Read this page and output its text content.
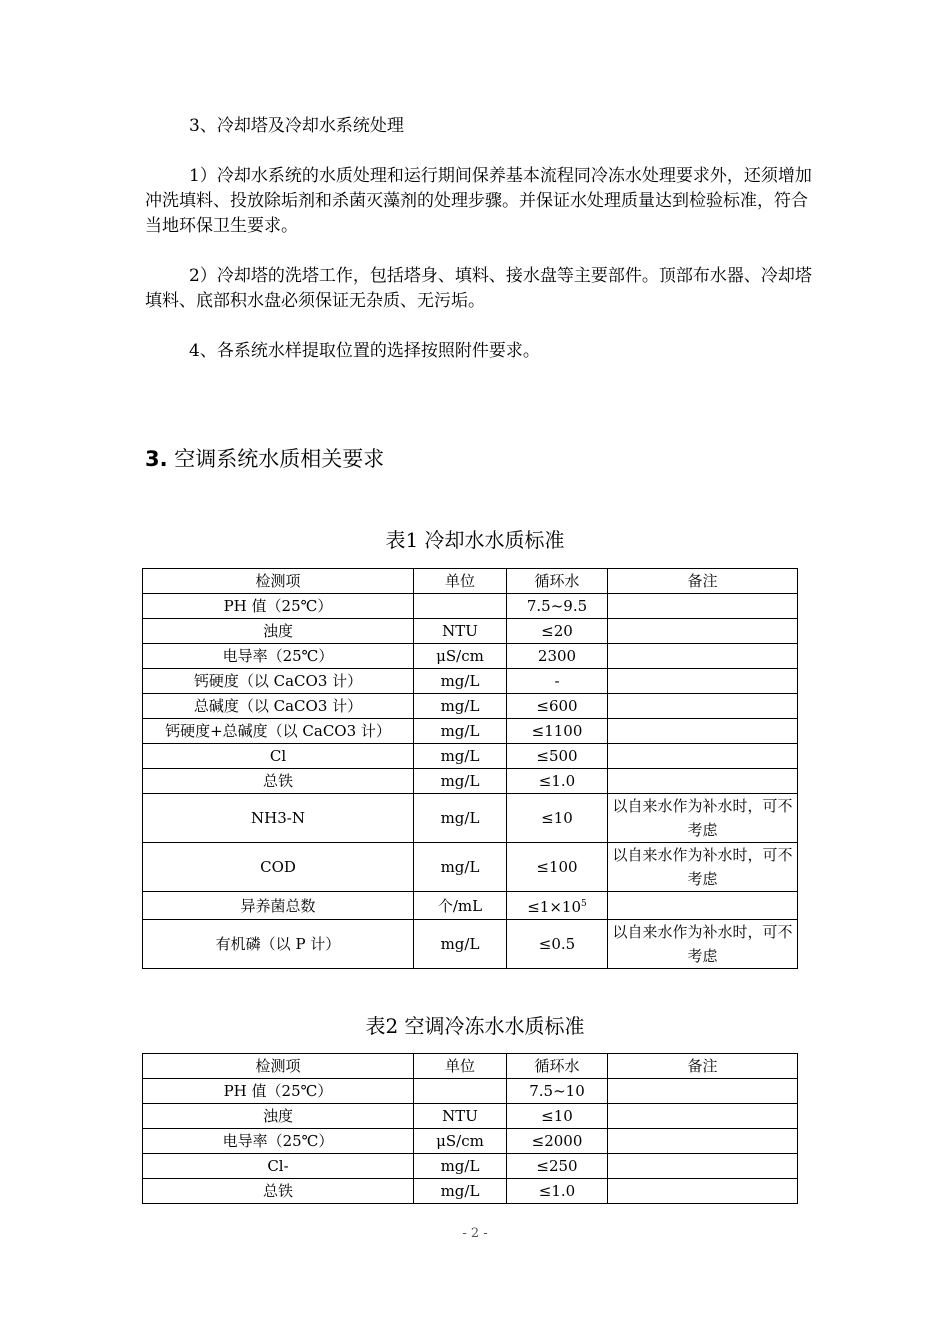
3、冷却塔及冷却水系统处理

1）冷却水系统的水质处理和运行期间保养基本流程同冷冻水处理要求外，还须增加冲洗填料、投放除垢剂和杀菌灭藻剂的处理步骤。并保证水处理质量达到检验标准，符合当地环保卫生要求。

2）冷却塔的洗塔工作，包括塔身、填料、接水盘等主要部件。顶部布水器、冷却塔填料、底部积水盘必须保证无杂质、无污垢。

4、各系统水样提取位置的选择按照附件要求。

3. 空调系统水质相关要求
表1 冷却水水质标准
检测项	单位	循环水	备注
PH 值（25℃）		7.5~9.5	
浊度	NTU	≤20	
电导率（25℃）	μS/cm	2300	
钙硬度（以 CaCO3 计）	mg/L	-	
总碱度（以 CaCO3 计）	mg/L	≤600	
钙硬度+总碱度（以 CaCO3 计）	mg/L	≤1100	
Cl	mg/L	≤500	
总铁	mg/L	≤1.0	
NH3-N	mg/L	≤10	以自来水作为补水时，可不考虑
COD	mg/L	≤100	以自来水作为补水时，可不考虑
异养菌总数	个/mL	$\le 1\times 10^5$	
有机磷（以 P 计）	mg/L	≤0.5	以自来水作为补水时，可不考虑
表2 空调冷冻水水质标准
检测项	单位	循环水	备注
PH 值（25℃）		7.5~10	
浊度	NTU	≤10	
电导率（25℃）	μS/cm	≤2000	
Cl-	mg/L	≤250	
总铁	mg/L	≤1.0	
- 2 -
